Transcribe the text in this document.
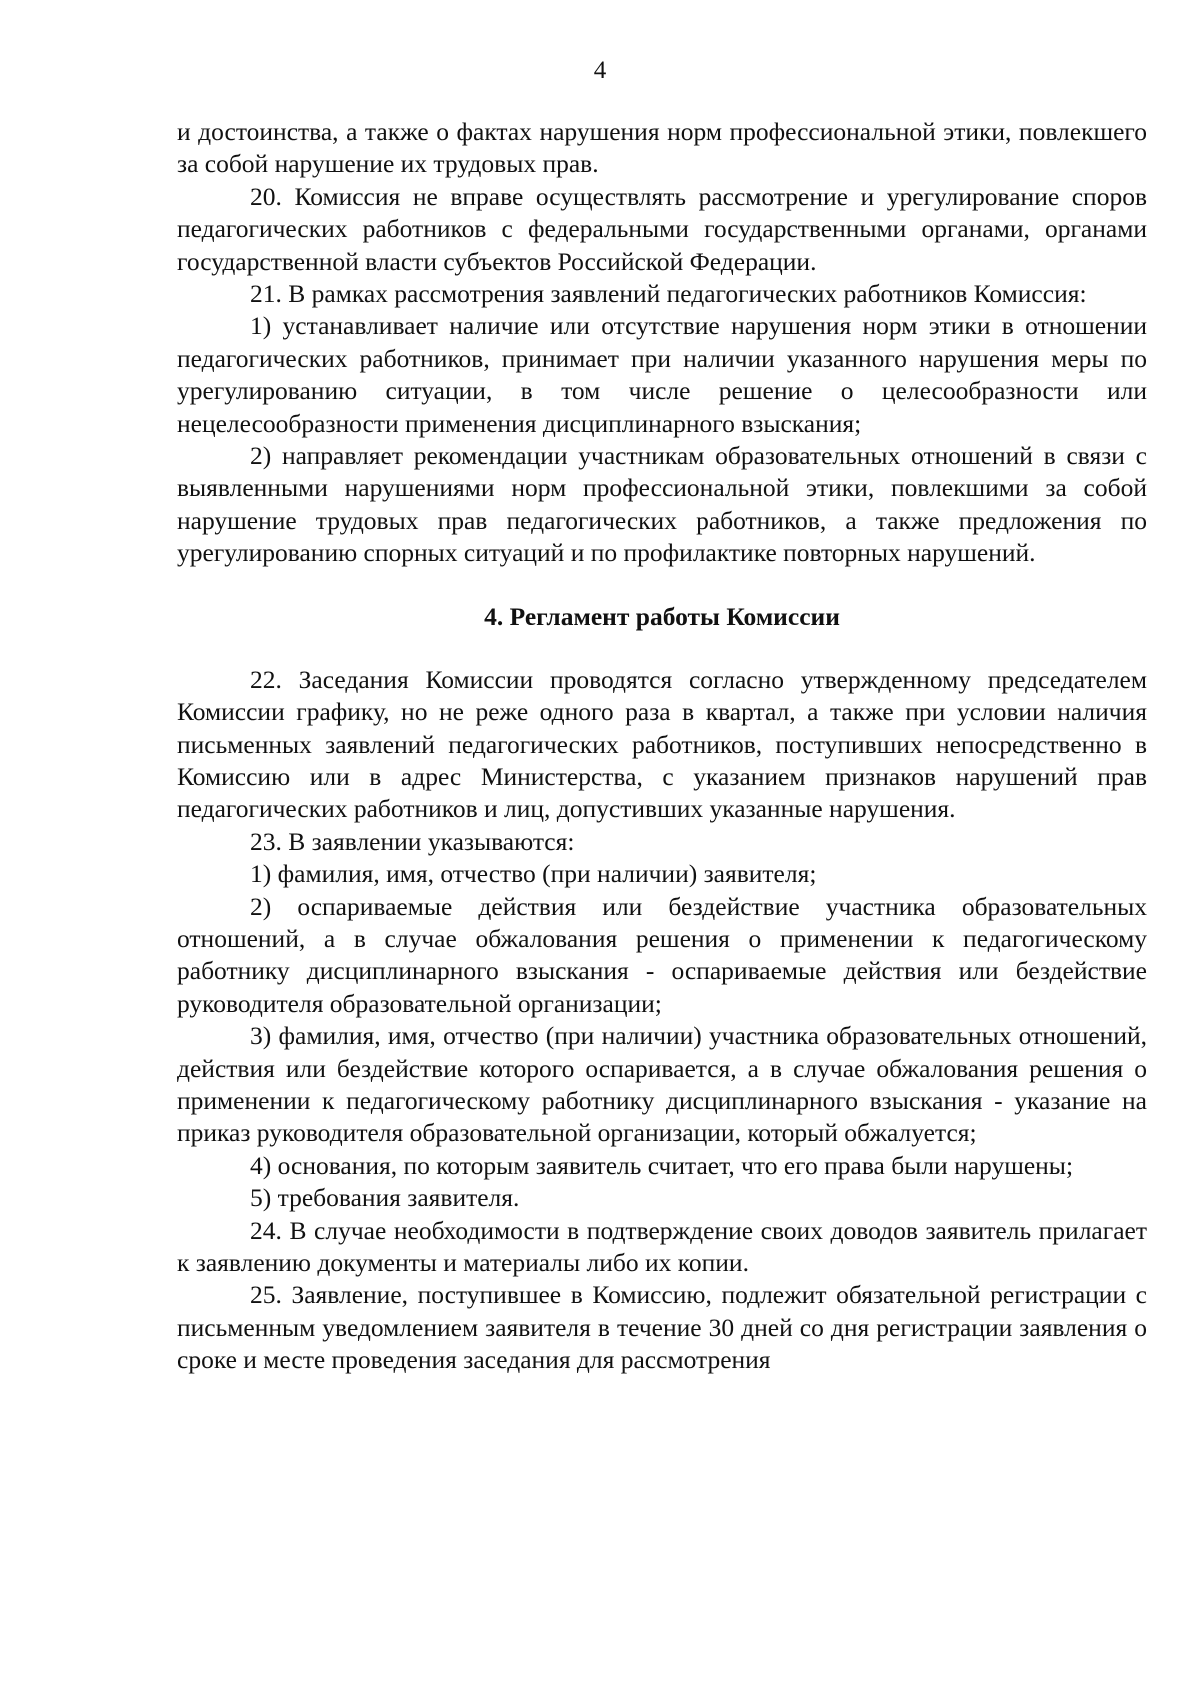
4

и достоинства, а также о фактах нарушения норм профессиональной этики, повлекшего за собой нарушение их трудовых прав.

20. Комиссия не вправе осуществлять рассмотрение и урегулирование споров педагогических работников с федеральными государственными органами, органами государственной власти субъектов Российской Федерации.

21. В рамках рассмотрения заявлений педагогических работников Комиссия:

1) устанавливает наличие или отсутствие нарушения норм этики в отношении педагогических работников, принимает при наличии указанного нарушения меры по урегулированию ситуации, в том числе решение о целесообразности или нецелесообразности применения дисциплинарного взыскания;

2) направляет рекомендации участникам образовательных отношений в связи с выявленными нарушениями норм профессиональной этики, повлекшими за собой нарушение трудовых прав педагогических работников, а также предложения по урегулированию спорных ситуаций и по профилактике повторных нарушений.

4. Регламент работы Комиссии

22. Заседания Комиссии проводятся согласно утвержденному председателем Комиссии графику, но не реже одного раза в квартал, а также при условии наличия письменных заявлений педагогических работников, поступивших непосредственно в Комиссию или в адрес Министерства, с указанием признаков нарушений прав педагогических работников и лиц, допустивших указанные нарушения.

23. В заявлении указываются:

1) фамилия, имя, отчество (при наличии) заявителя;

2) оспариваемые действия или бездействие участника образовательных отношений, а в случае обжалования решения о применении к педагогическому работнику дисциплинарного взыскания - оспариваемые действия или бездействие руководителя образовательной организации;

3) фамилия, имя, отчество (при наличии) участника образовательных отношений, действия или бездействие которого оспаривается, а в случае обжалования решения о применении к педагогическому работнику дисциплинарного взыскания - указание на приказ руководителя образовательной организации, который обжалуется;

4) основания, по которым заявитель считает, что его права были нарушены;

5) требования заявителя.

24. В случае необходимости в подтверждение своих доводов заявитель прилагает к заявлению документы и материалы либо их копии.

25. Заявление, поступившее в Комиссию, подлежит обязательной регистрации с письменным уведомлением заявителя в течение 30 дней со дня регистрации заявления о сроке и месте проведения заседания для рассмотрения
